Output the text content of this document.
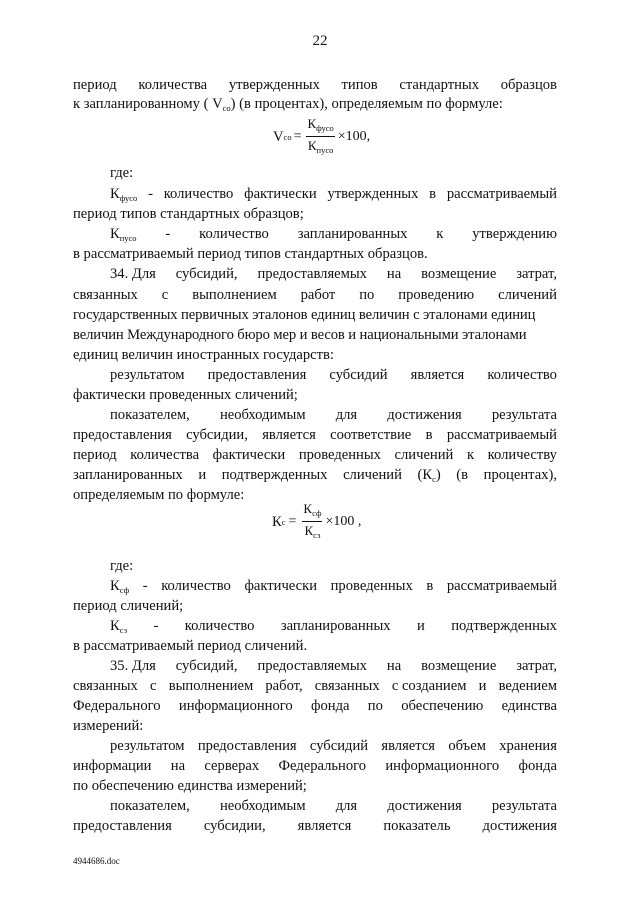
22
период количества утвержденных типов стандартных образцов
к запланированному ( $V_{со}$) (в процентах), определяемым по формуле:
V со = $\frac{К_{фусо}}{К_{пусо}} \times 100$,
где:
$К_{фусо}$ - количество фактически утвержденных в рассматриваемый
период типов стандартных образцов;
$К_{пусо}$ - количество запланированных к утверждению
в рассматриваемый период типов стандартных образцов.
34. Для субсидий, предоставляемых на возмещение затрат,
связанных с выполнением работ по проведению сличений
государственных первичных эталонов единиц величин с эталонами единиц
величин Международного бюро мер и весов и национальными эталонами
единиц величин иностранных государств:
результатом предоставления субсидий является количество
фактически проведенных сличений;
показателем, необходимым для достижения результата
предоставления субсидии, является соответствие в рассматриваемый
период количества фактически проведенных сличений к количеству
запланированных и подтвержденных сличений $(К_с)$ (в процентах),
определяемым по формуле:
К $с = \frac{К_{сф}}{К_{сз}} \times 100$ ,
где:
$К_{сф}$ - количество фактически проведенных в рассматриваемый
период сличений;
$К_{сз}$ - количество запланированных и подтвержденных
в рассматриваемый период сличений.
35. Для субсидий, предоставляемых на возмещение затрат,
связанных с выполнением работ, связанных с созданием и ведением
Федерального информационного фонда по обеспечению единства
измерений:
результатом предоставления субсидий является объем хранения
информации на серверах Федерального информационного фонда
по обеспечению единства измерений;
показателем, необходимым для достижения результата
предоставления субсидии, является показатель достижения
4944686.doc
